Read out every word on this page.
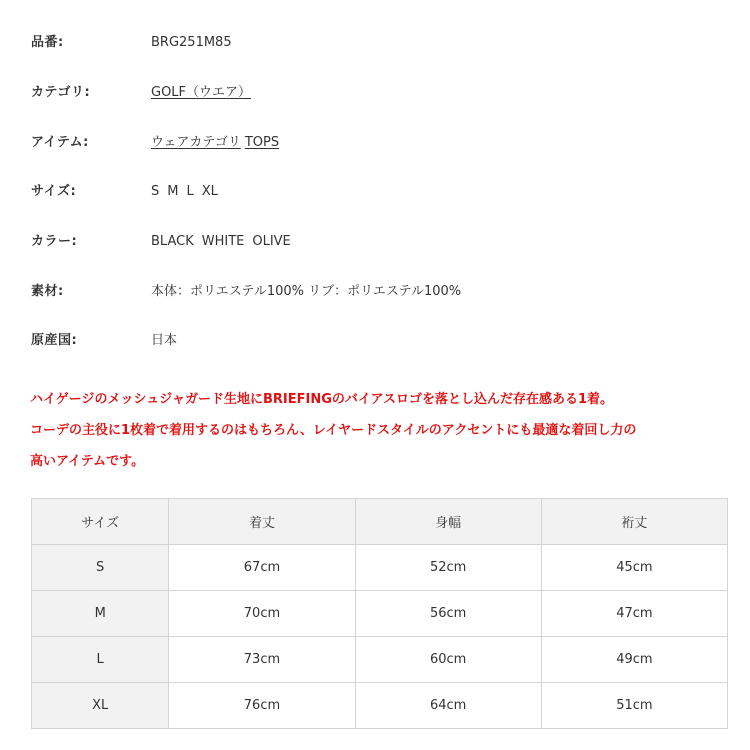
品番:	BRG251M85
カテゴリ:	GOLF（ウエア）
アイテム:	ウェアカテゴリ TOPS
サイズ:	S M L XL
カラー:	BLACK WHITE OLIVE
素材:	本体：ポリエステル100% リブ：ポリエステル100%
原産国:	日本

ハイゲージのメッシュジャガード生地にBRIEFINGのバイアスロゴを落とし込んだ存在感ある1着。

コーデの主役に1枚着で着用するのはもちろん、レイヤードスタイルのアクセントにも最適な着回し力の

高いアイテムです。

サイズ	着丈	身幅	裄丈
S	67cm	52cm	45cm
M	70cm	56cm	47cm
L	73cm	60cm	49cm
XL	76cm	64cm	51cm
